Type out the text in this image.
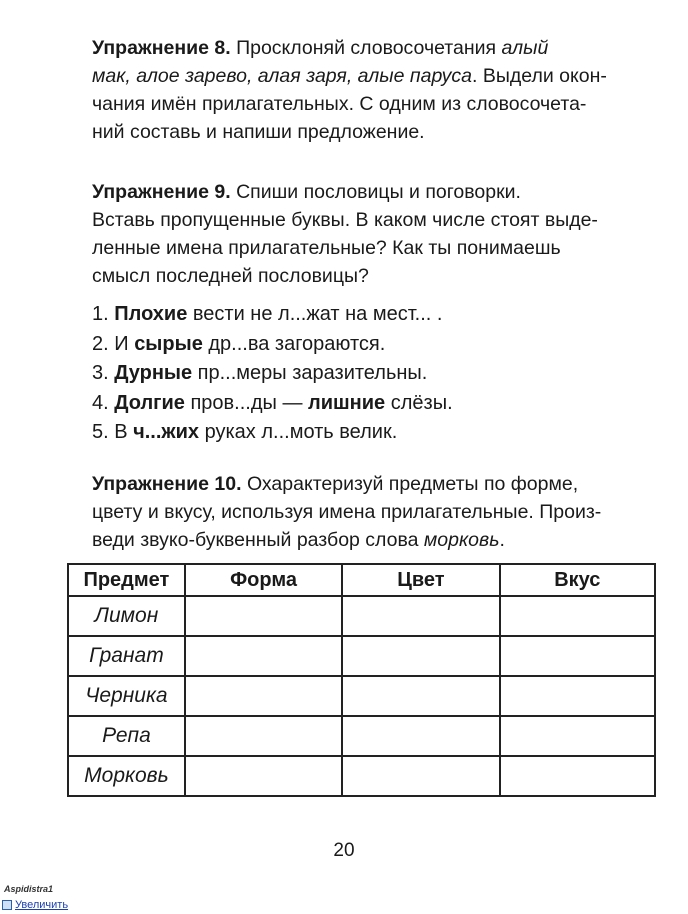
Упражнение 8. Просклоняй словосочетания алый
мак, алое зарево, алая заря, алые паруса. Выдели окон-
чания имён прилагательных. С одним из словосочета-
ний составь и напиши предложение.
Упражнение 9. Спиши пословицы и поговорки.
Вставь пропущенные буквы. В каком числе стоят выде-
ленные имена прилагательные? Как ты понимаешь
смысл последней пословицы?
1. Плохие вести не л...жат на мест... .
2. И сырые др...ва загораются.
3. Дурные пр...меры заразительны.
4. Долгие пров...ды — лишние слёзы.
5. В ч...жих руках л...моть велик.
Упражнение 10. Охарактеризуй предметы по форме,
цвету и вкусу, используя имена прилагательные. Произ-
веди звуко-буквенный разбор слова морковь.
Предмет	Форма	Цвет	Вкус
Лимон			
Гранат			
Черника			
Репа			
Морковь			
20
Aspidistra1
Увеличить
